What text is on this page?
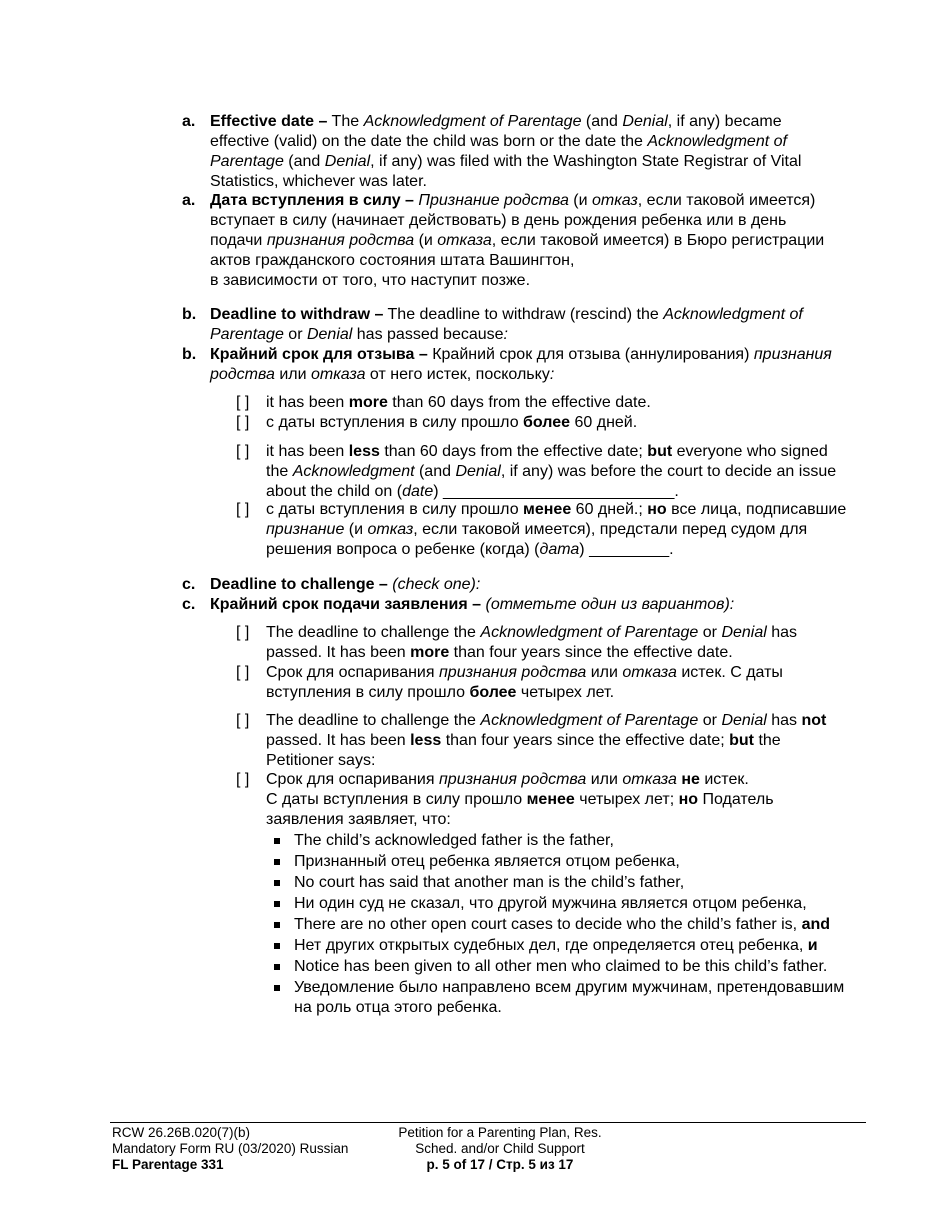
a. Effective date – The Acknowledgment of Parentage (and Denial, if any) became effective (valid) on the date the child was born or the date the Acknowledgment of Parentage (and Denial, if any) was filed with the Washington State Registrar of Vital Statistics, whichever was later.
a. Дата вступления в силу – Признание родства (и отказ, если таковой имеется) вступает в силу (начинает действовать) в день рождения ребенка или в день подачи признания родства (и отказа, если таковой имеется) в Бюро регистрации актов гражданского состояния штата Вашингтон,
в зависимости от того, что наступит позже.
b. Deadline to withdraw – The deadline to withdraw (rescind) the Acknowledgment of Parentage or Denial has passed because:
b. Крайний срок для отзыва – Крайний срок для отзыва (аннулирования) признания родства или отказа от него истек, поскольку:
[ ] it has been more than 60 days from the effective date.
[ ] с даты вступления в силу прошло более 60 дней.
[ ] it has been less than 60 days from the effective date; but everyone who signed the Acknowledgment (and Denial, if any) was before the court to decide an issue about the child on (date) __________________________.
[ ] с даты вступления в силу прошло менее 60 дней.; но все лица, подписавшие признание (и отказ, если таковой имеется), предстали перед судом для решения вопроса о ребенке (когда) (дата) _________.
c. Deadline to challenge – (check one):
c. Крайний срок подачи заявления – (отметьте один из вариантов):
[ ] The deadline to challenge the Acknowledgment of Parentage or Denial has passed. It has been more than four years since the effective date.
[ ] Срок для оспаривания признания родства или отказа истек. С даты вступления в силу прошло более четырех лет.
[ ] The deadline to challenge the Acknowledgment of Parentage or Denial has not passed. It has been less than four years since the effective date; but the Petitioner says:
[ ] Срок для оспаривания признания родства или отказа не истек.
С даты вступления в силу прошло менее четырех лет; но Податель заявления заявляет, что:
The child’s acknowledged father is the father,
Признанный отец ребенка является отцом ребенка,
No court has said that another man is the child’s father,
Ни один суд не сказал, что другой мужчина является отцом ребенка,
There are no other open court cases to decide who the child’s father is, and
Нет других открытых судебных дел, где определяется отец ребенка, и
Notice has been given to all other men who claimed to be this child’s father.
Уведомление было направлено всем другим мужчинам, претендовавшим на роль отца этого ребенка.
RCW 26.26B.020(7)(b)
Mandatory Form RU (03/2020) Russian
FL Parentage 331
Petition for a Parenting Plan, Res.
Sched. and/or Child Support
p. 5 of 17 / Стр. 5 из 17
